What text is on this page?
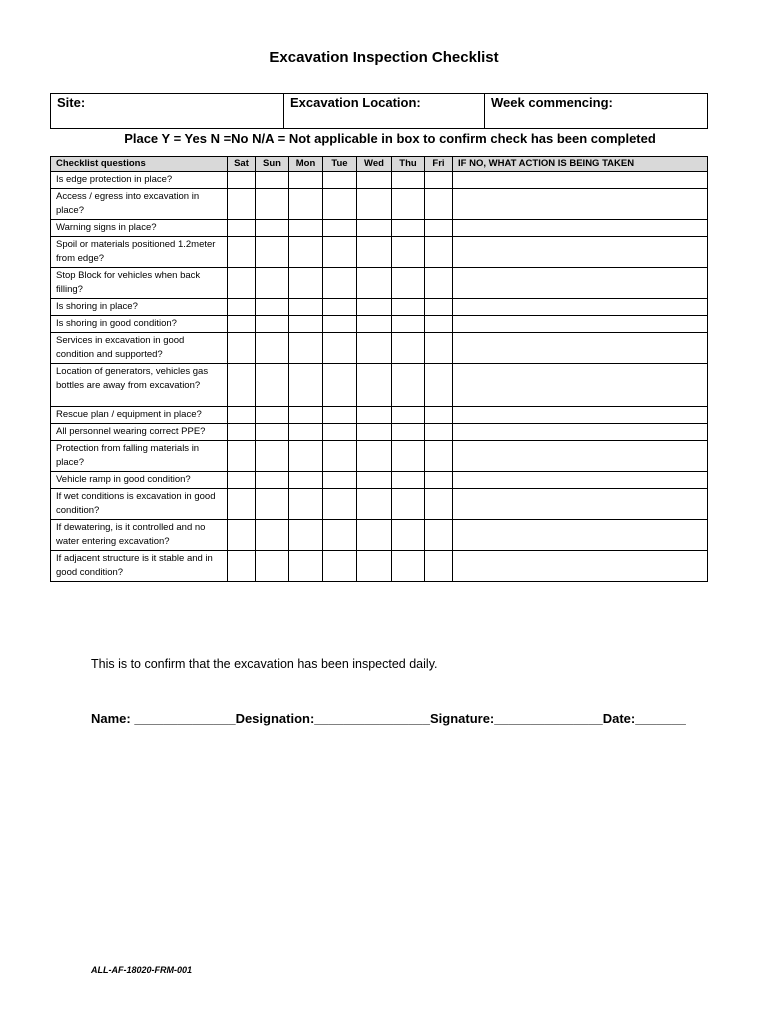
Excavation Inspection Checklist
Site:	Excavation Location:	Week commencing:
Place Y = Yes N =No N/A = Not applicable in box to confirm check has been completed
Checklist questions	Sat	Sun	Mon	Tue	Wed	Thu	Fri	IF NO, WHAT ACTION IS BEING TAKEN
Is edge protection in place?								
Access / egress into excavation in place?								
Warning signs in place?								
Spoil or materials positioned 1.2meter from edge?								
Stop Block for vehicles when back filling?								
Is shoring in place?								
Is shoring in good condition?								
Services in excavation in good condition and supported?								
Location of generators, vehicles gas bottles are away from excavation?								
Rescue plan / equipment in place?								
All personnel wearing correct PPE?								
Protection from falling materials in place?								
Vehicle ramp in good condition?								
If wet conditions is excavation in good condition?								
If dewatering, is it controlled and no water entering excavation?								
If adjacent structure is it stable and in good condition?								
This is to confirm that the excavation has been inspected daily.
Name: ______________Designation:________________Signature:_______________Date:_______
ALL-AF-18020-FRM-001
